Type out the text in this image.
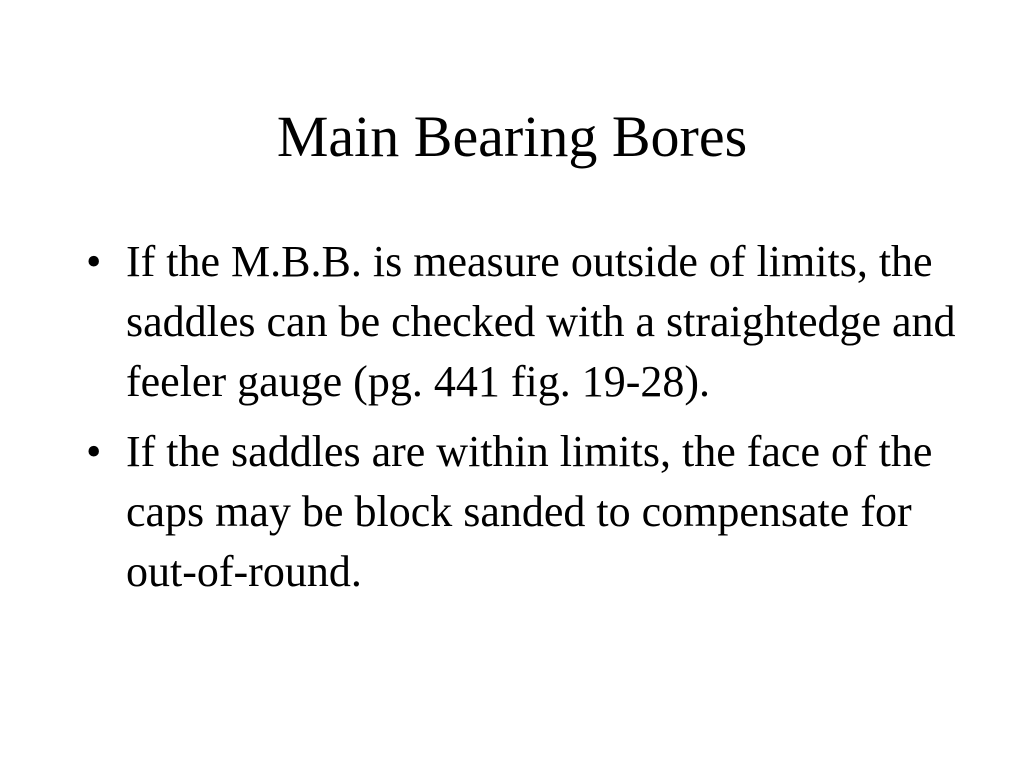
Main Bearing Bores
• If the M.B.B. is measure outside of limits, the saddles can be checked with a straightedge and feeler gauge (pg. 441 fig. 19-28).
• If the saddles are within limits, the face of the caps may be block sanded to compensate for out-of-round.
